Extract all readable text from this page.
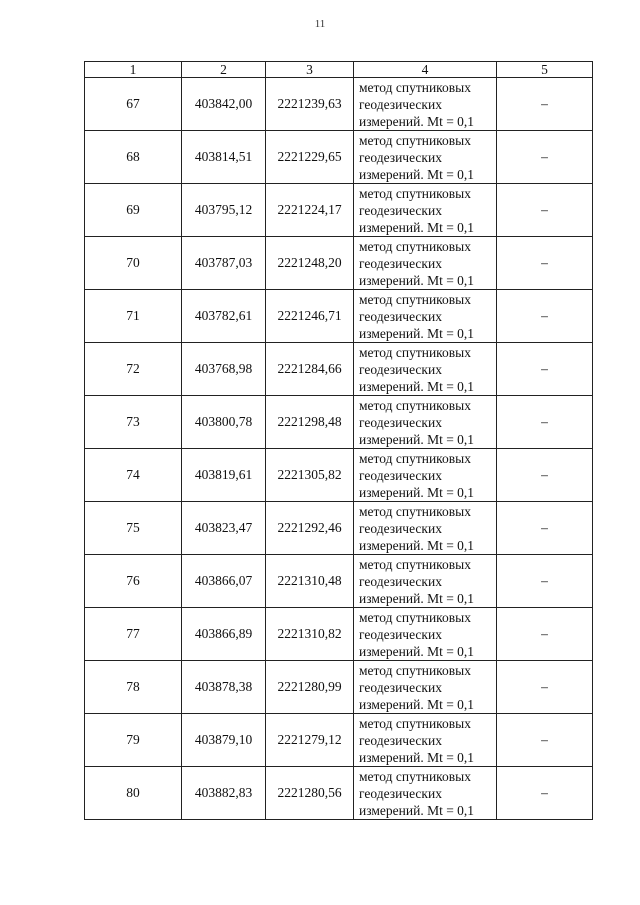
11
1	2	3	4	5
67	403842,00	2221239,63	метод спутниковых
геодезических
измерений. Mt = 0,1	–
68	403814,51	2221229,65	метод спутниковых
геодезических
измерений. Mt = 0,1	–
69	403795,12	2221224,17	метод спутниковых
геодезических
измерений. Mt = 0,1	–
70	403787,03	2221248,20	метод спутниковых
геодезических
измерений. Mt = 0,1	–
71	403782,61	2221246,71	метод спутниковых
геодезических
измерений. Mt = 0,1	–
72	403768,98	2221284,66	метод спутниковых
геодезических
измерений. Mt = 0,1	–
73	403800,78	2221298,48	метод спутниковых
геодезических
измерений. Mt = 0,1	–
74	403819,61	2221305,82	метод спутниковых
геодезических
измерений. Mt = 0,1	–
75	403823,47	2221292,46	метод спутниковых
геодезических
измерений. Mt = 0,1	–
76	403866,07	2221310,48	метод спутниковых
геодезических
измерений. Mt = 0,1	–
77	403866,89	2221310,82	метод спутниковых
геодезических
измерений. Mt = 0,1	–
78	403878,38	2221280,99	метод спутниковых
геодезических
измерений. Mt = 0,1	–
79	403879,10	2221279,12	метод спутниковых
геодезических
измерений. Mt = 0,1	–
80	403882,83	2221280,56	метод спутниковых
геодезических
измерений. Mt = 0,1	–
